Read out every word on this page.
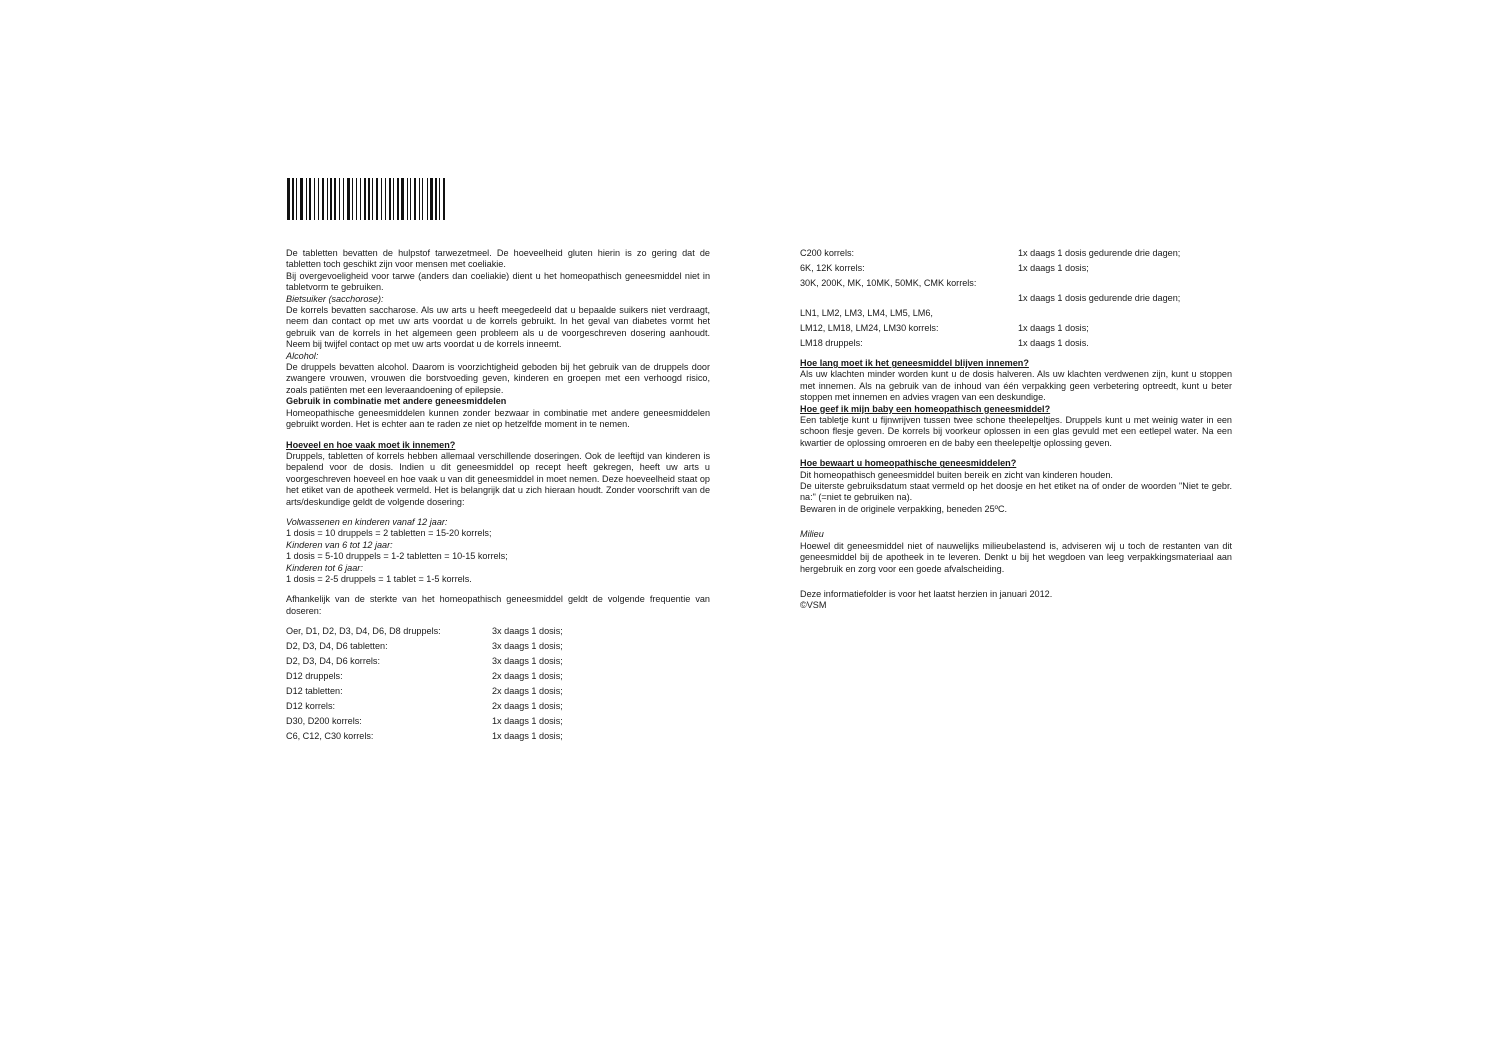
De tabletten bevatten de hulpstof tarwezetmeel. De hoeveelheid gluten hierin is zo gering dat de tabletten toch geschikt zijn voor mensen met coeliakie.

Bij overgevoeligheid voor tarwe (anders dan coeliakie) dient u het homeopathisch geneesmiddel niet in tabletvorm te gebruiken.

Bietsuiker (sacchorose):

De korrels bevatten saccharose. Als uw arts u heeft meegedeeld dat u bepaalde suikers niet verdraagt, neem dan contact op met uw arts voordat u de korrels gebruikt. In het geval van diabetes vormt het gebruik van de korrels in het algemeen geen probleem als u de voorgeschreven dosering aanhoudt. Neem bij twijfel contact op met uw arts voordat u de korrels inneemt.

Alcohol:

De druppels bevatten alcohol. Daarom is voorzichtigheid geboden bij het gebruik van de druppels door zwangere vrouwen, vrouwen die borstvoeding geven, kinderen en groepen met een verhoogd risico, zoals patiënten met een leveraandoening of epilepsie.

Gebruik in combinatie met andere geneesmiddelen

Homeopathische geneesmiddelen kunnen zonder bezwaar in combinatie met andere geneesmiddelen gebruikt worden. Het is echter aan te raden ze niet op hetzelfde moment in te nemen.

Hoeveel en hoe vaak moet ik innemen?

Druppels, tabletten of korrels hebben allemaal verschillende doseringen. Ook de leeftijd van kinderen is bepalend voor de dosis. Indien u dit geneesmiddel op recept heeft gekregen, heeft uw arts u voorgeschreven hoeveel en hoe vaak u van dit geneesmiddel in moet nemen. Deze hoeveelheid staat op het etiket van de apotheek vermeld. Het is belangrijk dat u zich hieraan houdt. Zonder voorschrift van de arts/deskundige geldt de volgende dosering:

Volwassenen en kinderen vanaf 12 jaar:

1 dosis = 10 druppels = 2 tabletten = 15-20 korrels;

Kinderen van 6 tot 12 jaar:

1 dosis = 5-10 druppels = 1-2 tabletten = 10-15 korrels;

Kinderen tot 6 jaar:

1 dosis = 2-5 druppels = 1 tablet = 1-5 korrels.

Afhankelijk van de sterkte van het homeopathisch geneesmiddel geldt de volgende frequentie van doseren:

Oer, D1, D2, D3, D4, D6, D8 druppels:	3x daags 1 dosis;
D2, D3, D4, D6 tabletten:	3x daags 1 dosis;
D2, D3, D4, D6 korrels:	3x daags 1 dosis;
D12 druppels:	2x daags 1 dosis;
D12 tabletten:	2x daags 1 dosis;
D12 korrels:	2x daags 1 dosis;
D30, D200 korrels:	1x daags 1 dosis;
C6, C12, C30 korrels:	1x daags 1 dosis;
C200 korrels:	1x daags 1 dosis gedurende drie dagen;
6K, 12K korrels:	1x daags 1 dosis;
30K, 200K, MK, 10MK, 50MK, CMK korrels:	
	1x daags 1 dosis gedurende drie dagen;
LN1, LM2, LM3, LM4, LM5, LM6,	
LM12, LM18, LM24, LM30 korrels:	1x daags 1 dosis;
LM18 druppels:	1x daags 1 dosis.

Hoe lang moet ik het geneesmiddel blijven innemen?

Als uw klachten minder worden kunt u de dosis halveren. Als uw klachten verdwenen zijn, kunt u stoppen met innemen. Als na gebruik van de inhoud van één verpakking geen verbetering optreedt, kunt u beter stoppen met innemen en advies vragen van een deskundige.

Hoe geef ik mijn baby een homeopathisch geneesmiddel?

Een tabletje kunt u fijnwrijven tussen twee schone theelepeltjes. Druppels kunt u met weinig water in een schoon flesje geven. De korrels bij voorkeur oplossen in een glas gevuld met een eetlepel water. Na een kwartier de oplossing omroeren en de baby een theelepeltje oplossing geven.

Hoe bewaart u homeopathische geneesmiddelen?

Dit homeopathisch geneesmiddel buiten bereik en zicht van kinderen houden.

De uiterste gebruiksdatum staat vermeld op het doosje en het etiket na of onder de woorden "Niet te gebr. na:" (=niet te gebruiken na).

Bewaren in de originele verpakking, beneden 25ºC.

Milieu

Hoewel dit geneesmiddel niet of nauwelijks milieubelastend is, adviseren wij u toch de restanten van dit geneesmiddel bij de apotheek in te leveren. Denkt u bij het wegdoen van leeg verpakkingsmateriaal aan hergebruik en zorg voor een goede afvalscheiding.

Deze informatiefolder is voor het laatst herzien in januari 2012.

©VSM
